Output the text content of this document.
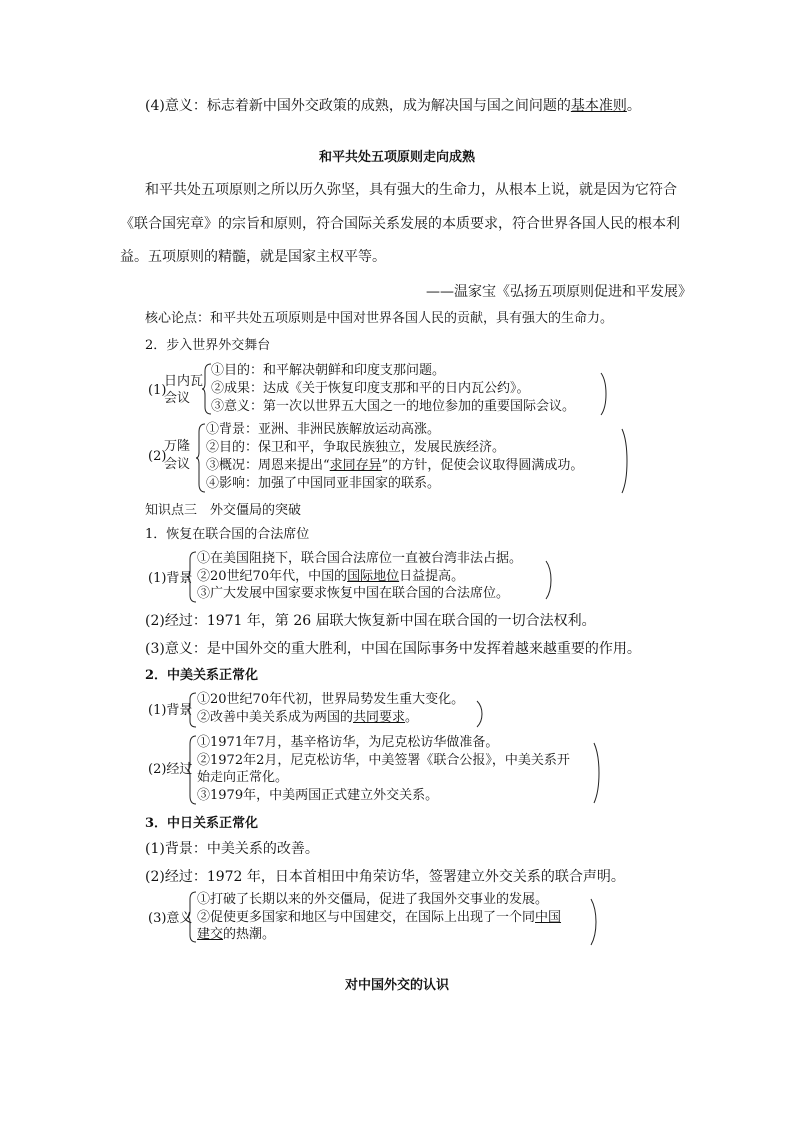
(4)意义：标志着新中国外交政策的成熟，成为解决国与国之间问题的基本准则。
和平共处五项原则走向成熟
和平共处五项原则之所以历久弥坚，具有强大的生命力，从根本上说，就是因为它符合
《联合国宪章》的宗旨和原则，符合国际关系发展的本质要求，符合世界各国人民的根本利
益。五项原则的精髓，就是国家主权平等。
——温家宝《弘扬五项原则促进和平发展》
核心论点：和平共处五项原则是中国对世界各国人民的贡献，具有强大的生命力。
2．步入世界外交舞台
(1)
日内瓦
会议
①目的：和平解决朝鲜和印度支那问题。
②成果：达成《关于恢复印度支那和平的日内瓦公约》。
③意义：第一次以世界五大国之一的地位参加的重要国际会议。
(2)
万隆
会议
①背景：亚洲、非洲民族解放运动高涨。
②目的：保卫和平，争取民族独立，发展民族经济。
③概况：周恩来提出“求同存异”的方针，促使会议取得圆满成功。
④影响：加强了中国同亚非国家的联系。
知识点三　外交僵局的突破
1．恢复在联合国的合法席位
(1)背景
①在美国阻挠下，联合国合法席位一直被台湾非法占据。
②20世纪70年代，中国的国际地位日益提高。
③广大发展中国家要求恢复中国在联合国的合法席位。
(2)经过：1971 年，第 26 届联大恢复新中国在联合国的一切合法权利。
(3)意义：是中国外交的重大胜利，中国在国际事务中发挥着越来越重要的作用。
2．中美关系正常化
(1)背景
①20世纪70年代初，世界局势发生重大变化。
②改善中美关系成为两国的共同要求。
(2)经过
①1971年7月，基辛格访华，为尼克松访华做准备。
②1972年2月，尼克松访华，中美签署《联合公报》，中美关系开
始走向正常化。
③1979年，中美两国正式建立外交关系。
3．中日关系正常化
(1)背景：中美关系的改善。
(2)经过：1972 年，日本首相田中角荣访华，签署建立外交关系的联合声明。
(3)意义
①打破了长期以来的外交僵局，促进了我国外交事业的发展。
②促使更多国家和地区与中国建交，在国际上出现了一个同中国
建交的热潮。
对中国外交的认识
